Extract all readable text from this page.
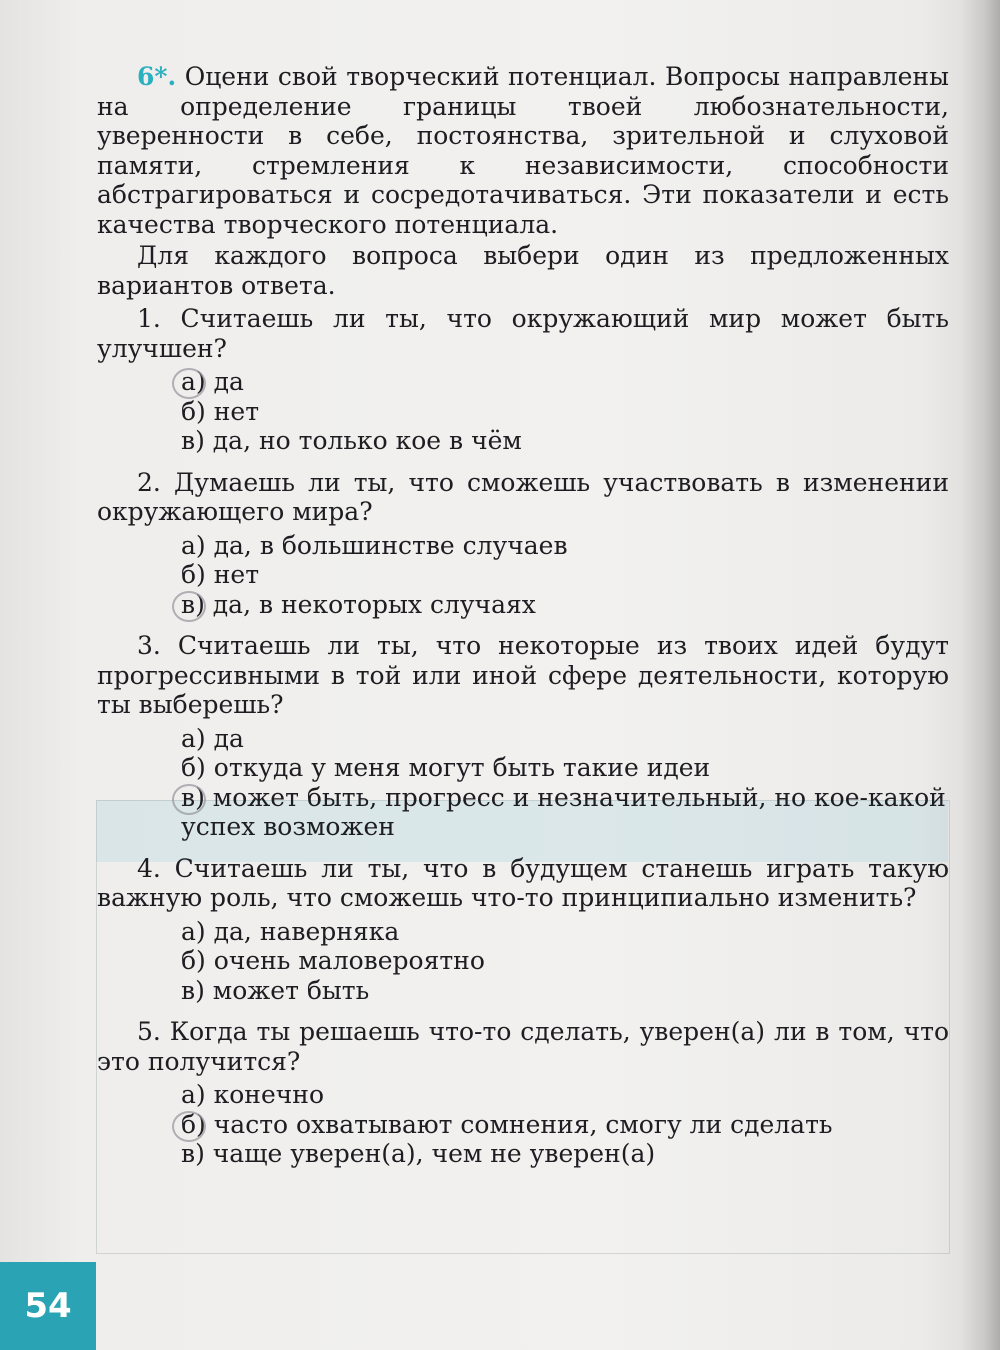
6*. Оцени свой творческий потенциал. Вопросы направлены на определение границы твоей любознательности, уверенности в себе, постоянства, зрительной и слуховой памяти, стремления к независимости, способности абстрагироваться и сосредотачиваться. Эти показатели и есть качества творческого потенциала.

Для каждого вопроса выбери один из предложенных вариантов ответа.

1. Считаешь ли ты, что окружающий мир может быть улучшен?

а) да
б) нет
в) да, но только кое в чём

2. Думаешь ли ты, что сможешь участвовать в изменении окружающего мира?

а) да, в большинстве случаев
б) нет
в) да, в некоторых случаях

3. Считаешь ли ты, что некоторые из твоих идей будут прогрессивными в той или иной сфере деятельности, которую ты выберешь?

а) да
б) откуда у меня могут быть такие идеи
в) может быть, прогресс и незначительный, но кое-какой успех возможен

4. Считаешь ли ты, что в будущем станешь играть такую важную роль, что сможешь что-то принципиально изменить?

а) да, наверняка
б) очень маловероятно
в) может быть

5. Когда ты решаешь что-то сделать, уверен(а) ли в том, что это получится?

а) конечно
б) часто охватывают сомнения, смогу ли сделать
в) чаще уверен(а), чем не уверен(а)
54
